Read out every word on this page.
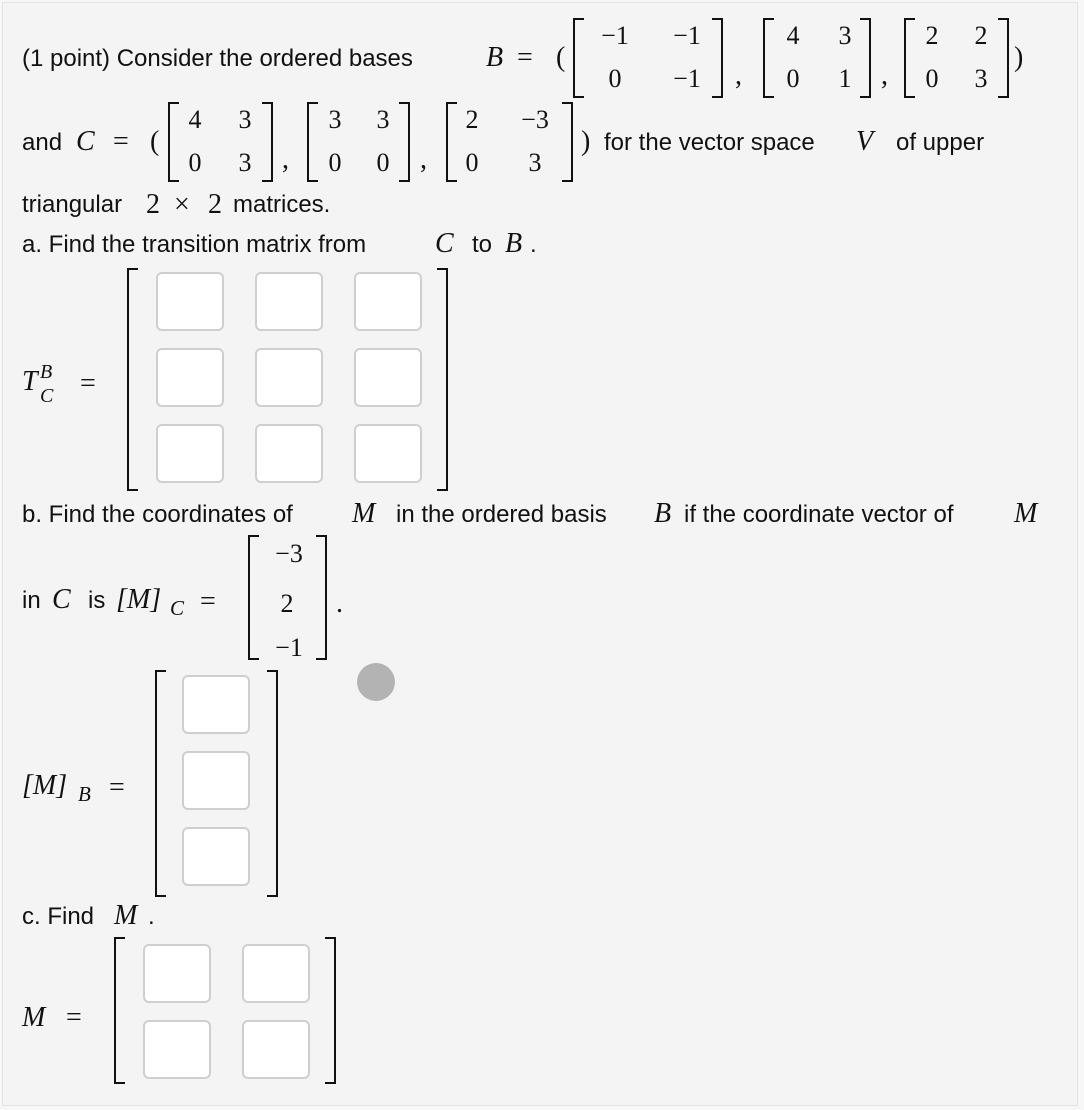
(1 point) Consider the ordered bases	B = (
−1	−1
0	−1	,
4	3
0	1	,
2	2
0	3
)
and C = (
4	3
0	3	,
3	3
0	0	,
2	−3
0	3
) for the vector space V of upper
triangular 2 × 2 matrices.
a. Find the transition matrix from C to B .
T B
C =
b. Find the coordinates of M in the ordered basis B if the coordinate vector of M
in C is [M] C =
−3
2
−1
.
[M] B =
c. Find M .
M =
